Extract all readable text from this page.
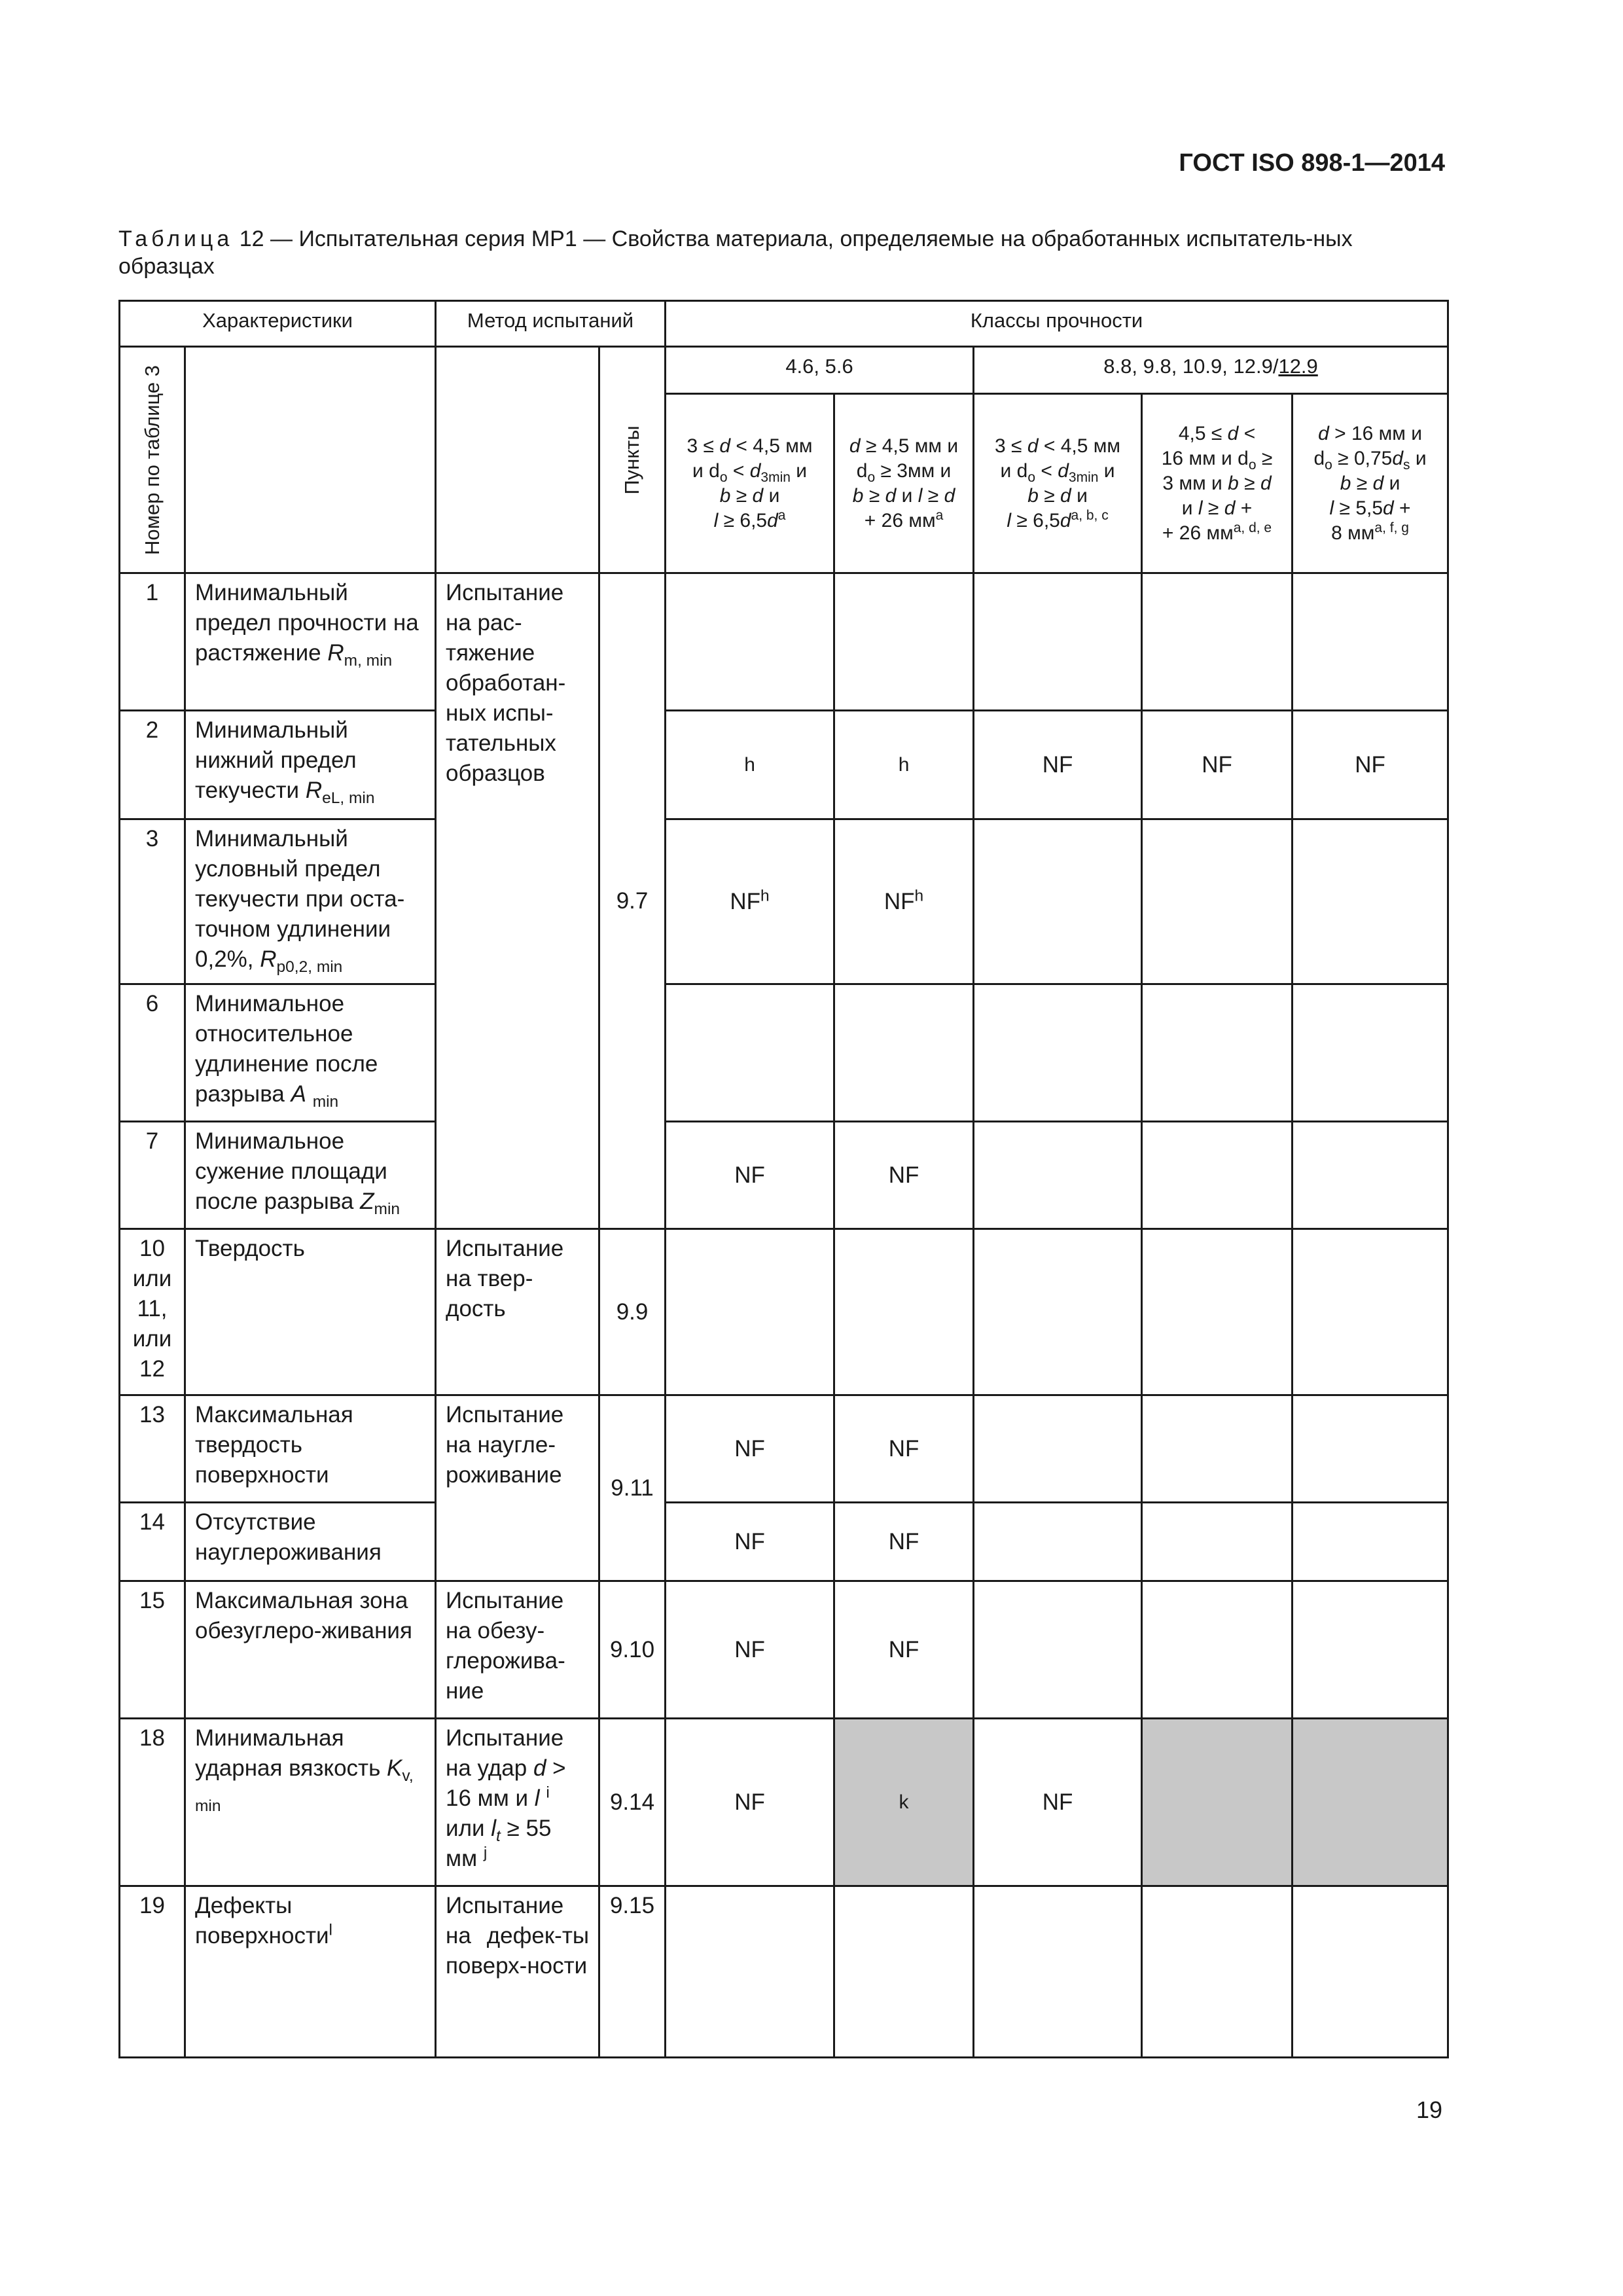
ГОСТ ISO 898-1—2014
Таблица 12 — Испытательная серия МР1 — Свойства материала, определяемые на обработанных испытатель-ных образцах
Характеристики		Метод испытаний		Классы прочности				

Номер по таблице 3			Пункты	4.6, 5.6		8.8, 9.8, 10.9, 12.9/12.9		
				3 ≤ d < 4,5 мм
и $d_о < d_{3min}$ и
b ≥ d и
$l \ge 6,5d^a$	d ≥ 4,5 мм и
$d_о \ge 3мм$ и
b ≥ d и l ≥ d
+ 26 $мм^a$	3 ≤ d < 4,5 мм
и $d_о < d_{3min}$ и
b ≥ d и
$l \ge 6,5d^{a, b, c}$	4,5 ≤ d <
16 мм и $d_о$ ≥
3 мм и b ≥ d
и l ≥ d +
+ 26 мм$^{a, d, e}$	d > 16 мм и
$d_о \ge 0,75d_s$ и
b ≥ d и
l ≥ 5,5d +
8 мм$^{a, f, g}$
1	Минимальный предел прочности на растяжение $R_{m, min}$	Испытание на рас-тяжение обработан-ных испы-тательных образцов	9.7					
2	Минимальный нижний предел текучести $R_{eL, min}$			h	h	NF	NF	NF
3	Минимальный условный предел текучести при оста-точном удлинении 0,2%, $R_{p0,2, min}$			$NF^h$	$NF^h$			
6	Минимальное относительное удлинение после разрыва A $_{min}$					
7	Минимальное сужение площади после разрыва $Z_{min}$			NF	NF			
10 или 11, или 12	Твердость	Испытание на твер-дость	9.9					
13	Максимальная твердость поверхности	Испытание на наугле-роживание	9.11	NF	NF			
14	Отсутствие науглероживания			NF	NF			
15	Максимальная зона обезуглеро-живания	Испытание на обезу-глерожива-ние	9.10	NF	NF			
18	Минимальная ударная вязкость $K_{v, min}$	Испытание на удар d > 16 мм и l $^i$ или $l_t \ge 55$ мм $^j$	9.14	NF	k	NF		
19	Дефекты поверхности$^l$	Испытание на дефек-ты поверх-ности	9.15					
19
